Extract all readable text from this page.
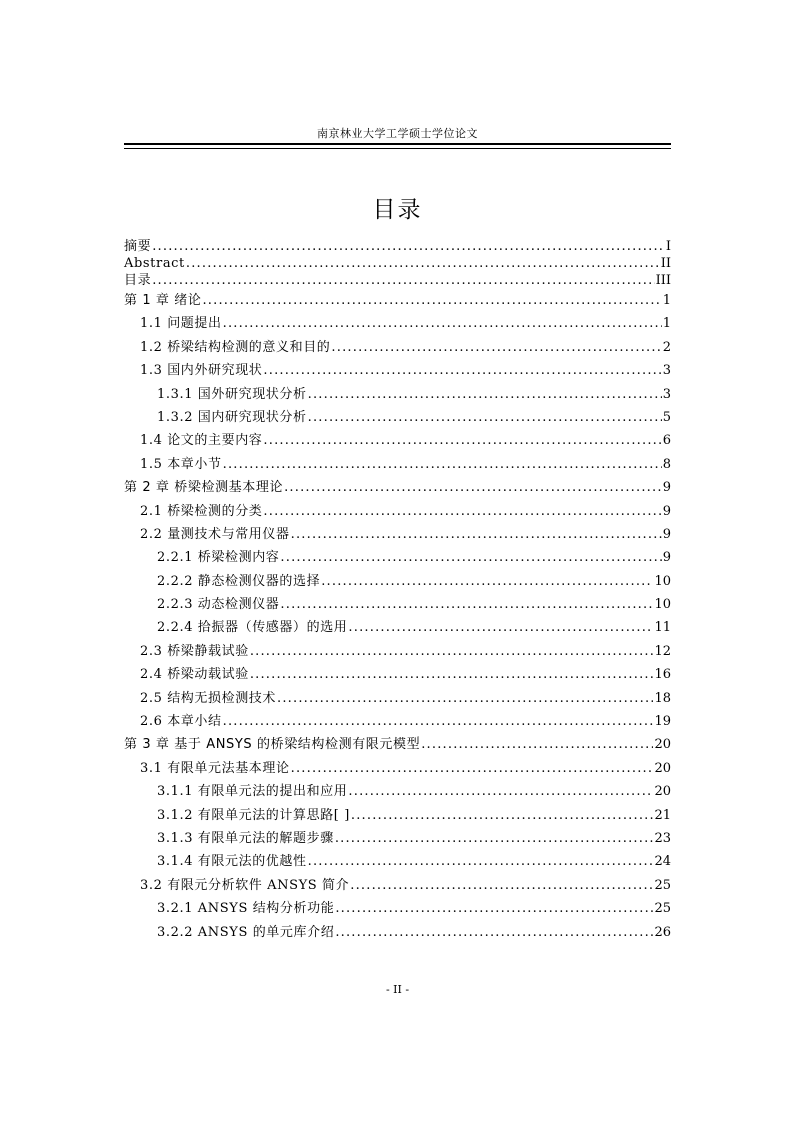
南京林业大学工学硕士学位论文
目录
摘要 .....	I
Abstract .....	II
目录 .....	III
第 1 章 绪论 .....	1
1.1 问题提出 .....	1
1.2 桥梁结构检测的意义和目的 .....	2
1.3 国内外研究现状 .....	3
1.3.1 国外研究现状分析 .....	3
1.3.2 国内研究现状分析 .....	5
1.4 论文的主要内容 .....	6
1.5 本章小节 .....	8
第 2 章 桥梁检测基本理论 .....	9
2.1 桥梁检测的分类 .....	9
2.2 量测技术与常用仪器 .....	9
2.2.1 桥梁检测内容 .....	9
2.2.2 静态检测仪器的选择 .....	10
2.2.3 动态检测仪器 .....	10
2.2.4 拾振器（传感器）的选用 .....	11
2.3 桥梁静载试验 .....	12
2.4 桥梁动载试验 .....	16
2.5 结构无损检测技术 .....	18
2.6 本章小结 .....	19
第 3 章 基于 ANSYS 的桥梁结构检测有限元模型 .....	20
3.1 有限单元法基本理论 .....	20
3.1.1 有限单元法的提出和应用 .....	20
3.1.2 有限单元法的计算思路[ ] .....	21
3.1.3 有限单元法的解题步骤 .....	23
3.1.4 有限元法的优越性 .....	24
3.2 有限元分析软件 ANSYS 简介 .....	25
3.2.1 ANSYS 结构分析功能 .....	25
3.2.2 ANSYS 的单元库介绍 .....	26
- II -
